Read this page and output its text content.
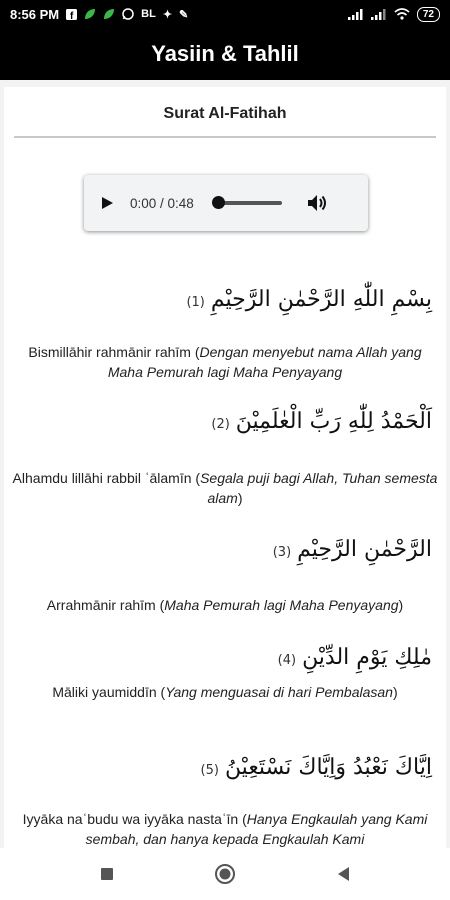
8:56 PM f	BL ✦ ✎	72
Yasiin & Tahlil
Surat Al-Fatihah
0:00 / 0:48
بِسْمِ اللّٰهِ الرَّحْمٰنِ الرَّحِيْمِ(1)
Bismillāhir rahmānir rahīm (Dengan menyebut nama Allah yang Maha Pemurah lagi Maha Penyayang
اَلْحَمْدُ لِلّٰهِ رَبِّ الْعٰلَمِيْنَ(2)
Alhamdu lillāhi rabbil ʿālamīn (Segala puji bagi Allah, Tuhan semesta alam)
الرَّحْمٰنِ الرَّحِيْمِ(3)
Arrahmānir rahīm (Maha Pemurah lagi Maha Penyayang)
مٰلِكِ يَوْمِ الدِّيْنِ(4)
Māliki yaumiddīn (Yang menguasai di hari Pembalasan)
اِيَّاكَ نَعْبُدُ وَاِيَّاكَ نَسْتَعِيْنُ(5)
Iyyāka naʿbudu wa iyyāka nastaʿīn (Hanya Engkaulah yang Kami sembah, dan hanya kepada Engkaulah Kami
